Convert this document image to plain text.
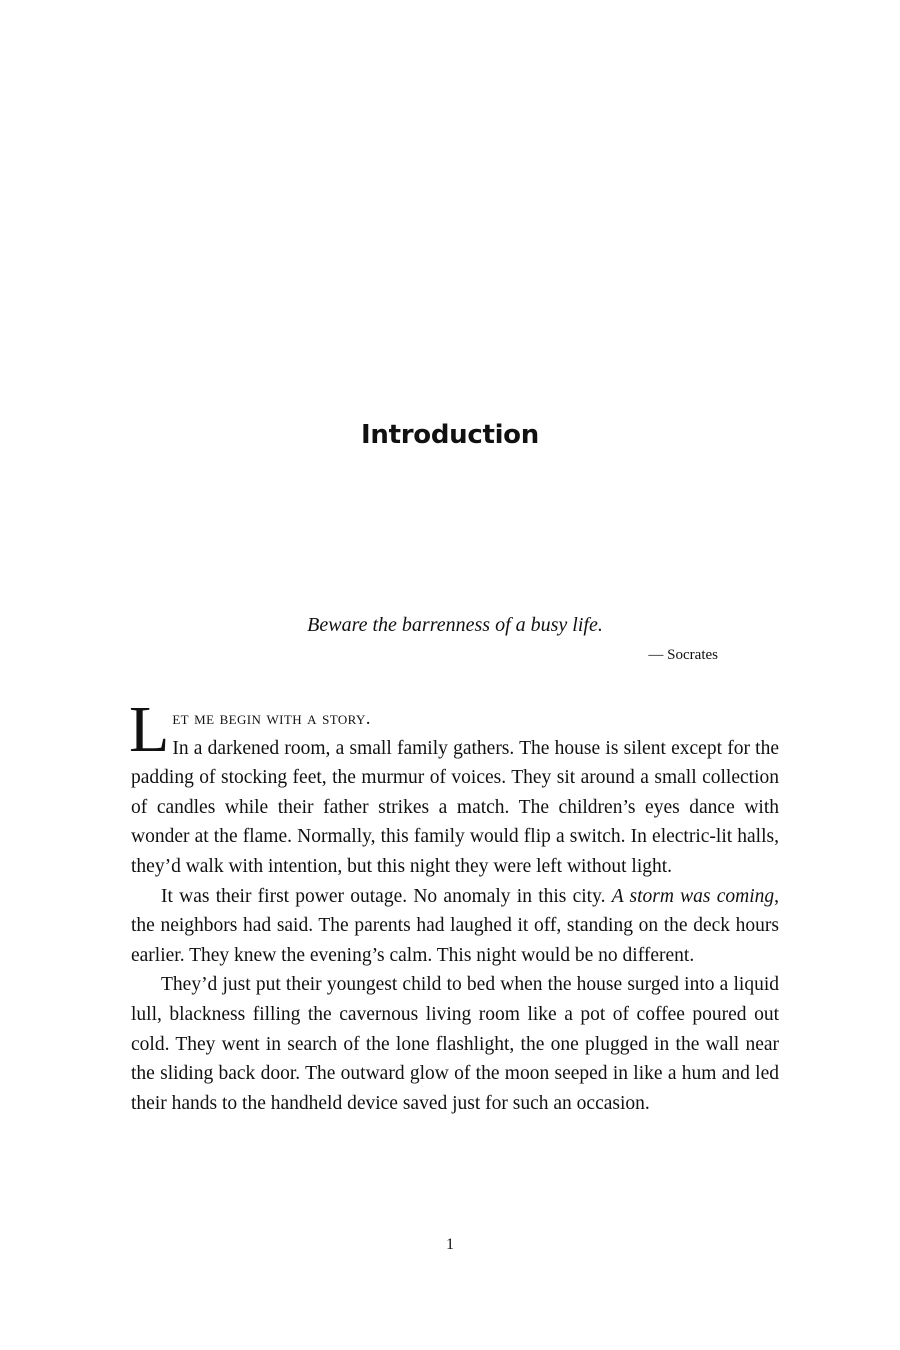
Introduction

Beware the barrenness of a busy life.

— Socrates

Let me begin with a story.
In a darkened room, a small family gathers. The house is silent except for the padding of stocking feet, the murmur of voices. They sit around a small collection of candles while their father strikes a match. The children’s eyes dance with wonder at the flame. Normally, this family would flip a switch. In electric-lit halls, they’d walk with intention, but this night they were left without light.

It was their first power outage. No anomaly in this city. A storm was coming, the neighbors had said. The parents had laughed it off, standing on the deck hours earlier. They knew the evening’s calm. This night would be no different.

They’d just put their youngest child to bed when the house surged into a liquid lull, blackness filling the cavernous living room like a pot of coffee poured out cold. They went in search of the lone flashlight, the one plugged in the wall near the sliding back door. The outward glow of the moon seeped in like a hum and led their hands to the handheld device saved just for such an occasion.

1
